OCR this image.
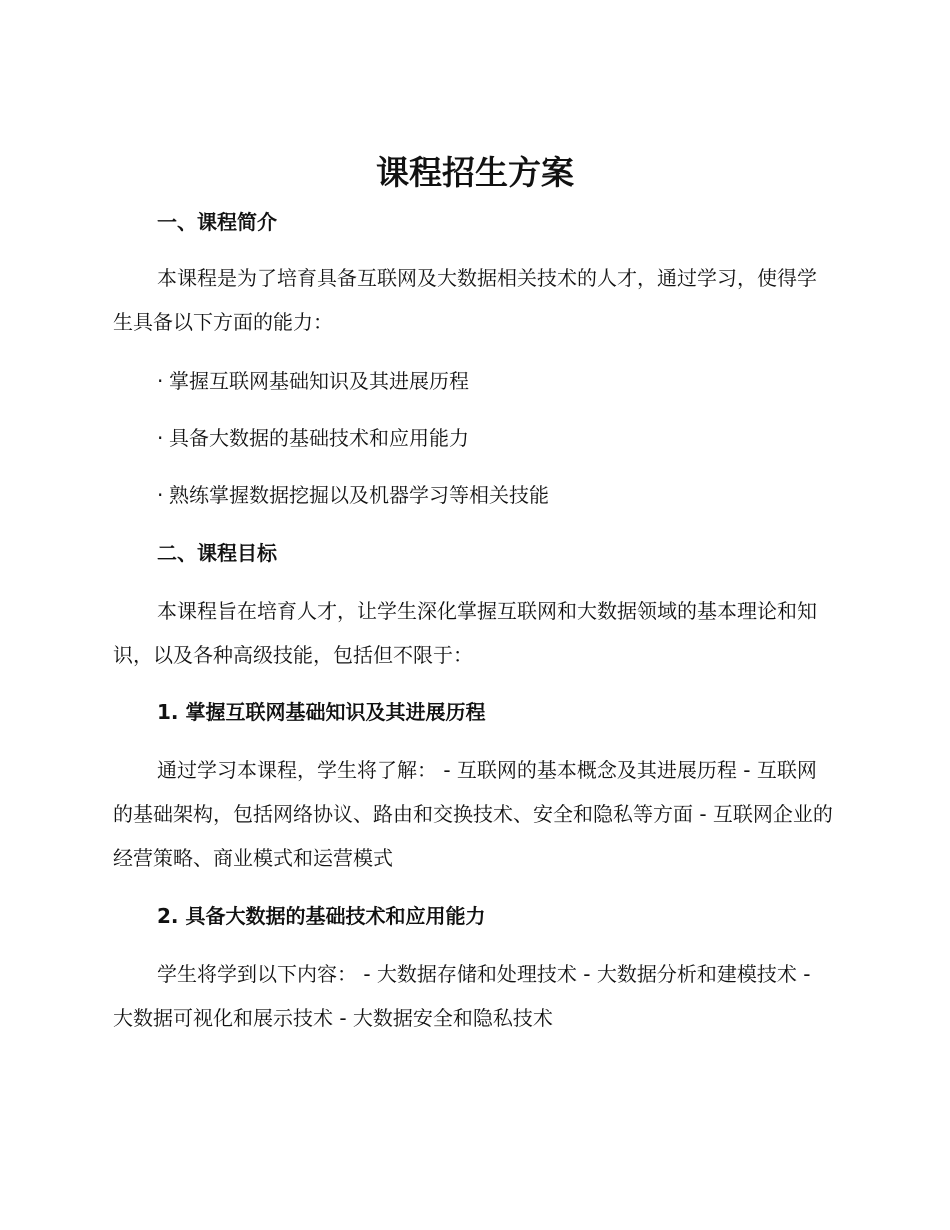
课程招生方案
一、课程简介

本课程是为了培育具备互联网及大数据相关技术的人才，通过学习，使得学生具备以下方面的能力：

· 掌握互联网基础知识及其进展历程
· 具备大数据的基础技术和应用能力
· 熟练掌握数据挖掘以及机器学习等相关技能
二、课程目标

本课程旨在培育人才，让学生深化掌握互联网和大数据领域的基本理论和知识，以及各种高级技能，包括但不限于：

1. 掌握互联网基础知识及其进展历程

通过学习本课程，学生将了解： - 互联网的基本概念及其进展历程 - 互联网的基础架构，包括网络协议、路由和交换技术、安全和隐私等方面 - 互联网企业的经营策略、商业模式和运营模式

2. 具备大数据的基础技术和应用能力

学生将学到以下内容： - 大数据存储和处理技术 - 大数据分析和建模技术 - 大数据可视化和展示技术 - 大数据安全和隐私技术
